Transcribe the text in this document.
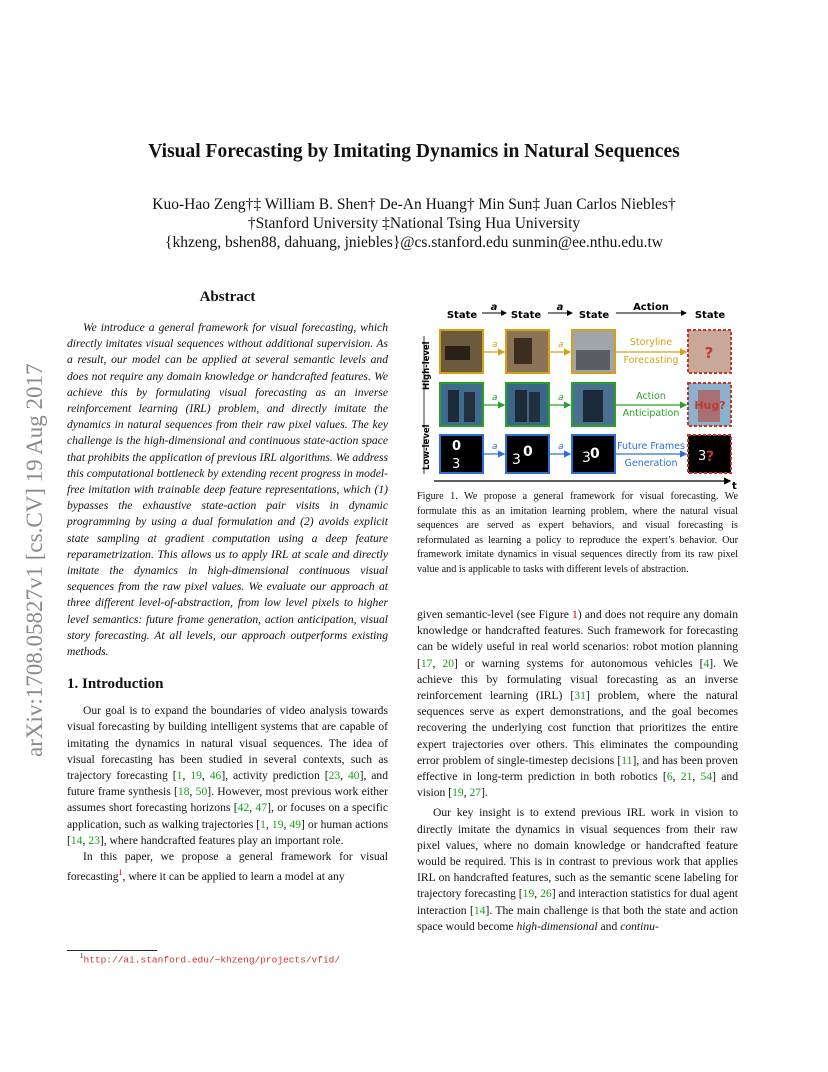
arXiv:1708.05827v1 [cs.CV] 19 Aug 2017
Visual Forecasting by Imitating Dynamics in Natural Sequences
Kuo-Hao Zeng†‡ William B. Shen† De-An Huang† Min Sun‡ Juan Carlos Niebles†
†Stanford University ‡National Tsing Hua University
{khzeng, bshen88, dahuang, jniebles}@cs.stanford.edu sunmin@ee.nthu.edu.tw
Abstract

We introduce a general framework for visual forecasting, which directly imitates visual sequences without additional supervision. As a result, our model can be applied at several semantic levels and does not require any domain knowledge or handcrafted features. We achieve this by formulating visual forecasting as an inverse reinforcement learning (IRL) problem, and directly imitate the dynamics in natural sequences from their raw pixel values. The key challenge is the high-dimensional and continuous state-action space that prohibits the application of previous IRL algorithms. We address this computational bottleneck by extending recent progress in model-free imitation with trainable deep feature representations, which (1) bypasses the exhaustive state-action pair visits in dynamic programming by using a dual formulation and (2) avoids explicit state sampling at gradient computation using a deep feature reparametrization. This allows us to apply IRL at scale and directly imitate the dynamics in high-dimensional continuous visual sequences from the raw pixel values. We evaluate our approach at three different level-of-abstraction, from low level pixels to higher level semantics: future frame generation, action anticipation, visual story forecasting. At all levels, our approach outperforms existing methods.

1. Introduction

Our goal is to expand the boundaries of video analysis towards visual forecasting by building intelligent systems that are capable of imitating the dynamics in natural visual sequences. The idea of visual forecasting has been studied in several contexts, such as trajectory forecasting [1, 19, 46], activity prediction [23, 40], and future frame synthesis [18, 50]. However, most previous work either assumes short forecasting horizons [42, 47], or focuses on a specific application, such as walking trajectories [1, 19, 49] or human actions [14, 23], where handcrafted features play an important role.

In this paper, we propose a general framework for visual forecasting$^1$, where it can be applied to learn a model at any

$^1$http://ai.stanford.edu/~khzeng/projects/vfid/
State
a
State
a
State
Action
State
High-level
Low-level
a	a	Storyline
Forecasting ?
a	a	Action
Anticipation
Hug?
0
3	3 0	3 0
a	a	Future Frames
Generation 3 ?
t
Figure 1. We propose a general framework for visual forecasting. We formulate this as an imitation learning problem, where the natural visual sequences are served as expert behaviors, and visual forecasting is reformulated as learning a policy to reproduce the expert’s behavior. Our framework imitate dynamics in visual sequences directly from its raw pixel value and is applicable to tasks with different levels of abstraction.

given semantic-level (see Figure 1) and does not require any domain knowledge or handcrafted features. Such framework for forecasting can be widely useful in real world scenarios: robot motion planning [17, 20] or warning systems for autonomous vehicles [4]. We achieve this by formulating visual forecasting as an inverse reinforcement learning (IRL) [31] problem, where the natural sequences serve as expert demonstrations, and the goal becomes recovering the underlying cost function that prioritizes the entire expert trajectories over others. This eliminates the compounding error problem of single-timestep decisions [11], and has been proven effective in long-term prediction in both robotics [6, 21, 54] and vision [19, 27].

Our key insight is to extend previous IRL work in vision to directly imitate the dynamics in visual sequences from their raw pixel values, where no domain knowledge or handcrafted feature would be required. This is in contrast to previous work that applies IRL on handcrafted features, such as the semantic scene labeling for trajectory forecasting [19, 26] and interaction statistics for dual agent interaction [14]. The main challenge is that both the state and action space would become high-dimensional and continu-
